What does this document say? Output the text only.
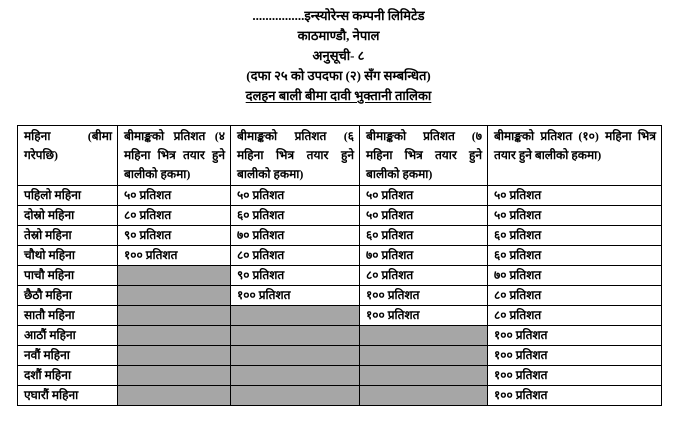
................इन्स्योरेन्स कम्पनी लिमिटेड
काठमाण्डौ, नेपाल
अनुसूची- ८
(दफा २५ को उपदफा (२) सँग सम्बन्धित)
दलहन बाली बीमा दावी भुक्तानी तालिका
महिना (बीमा गरेपछि)	बीमाङ्कको प्रतिशत (४ महिना भित्र तयार हुने बालीको हकमा)	बीमाङ्कको प्रतिशत (६ महिना भित्र तयार हुने बालीको हकमा)	बीमाङ्कको प्रतिशत (७ महिना भित्र तयार हुने बालीको हकमा)	बीमाङ्कको प्रतिशत (१०) महिना भित्र तयार हुने बालीको हकमा)
पहिलो महिना	५० प्रतिशत	५० प्रतिशत	५० प्रतिशत	५० प्रतिशत
दोस्रो महिना	८० प्रतिशत	६० प्रतिशत	५० प्रतिशत	५० प्रतिशत
तेस्रो महिना	९० प्रतिशत	७० प्रतिशत	६० प्रतिशत	६० प्रतिशत
चौथो महिना	१०० प्रतिशत	८० प्रतिशत	७० प्रतिशत	६० प्रतिशत
पाचौ महिना		९० प्रतिशत	८० प्रतिशत	७० प्रतिशत
छैठौ महिना		१०० प्रतिशत	१०० प्रतिशत	८० प्रतिशत
सातौ महिना			१०० प्रतिशत	८० प्रतिशत
आठौं महिना				१०० प्रतिशत
नवौं महिना				१०० प्रतिशत
दशौं महिना				१०० प्रतिशत
एघारौं महिना				१०० प्रतिशत
